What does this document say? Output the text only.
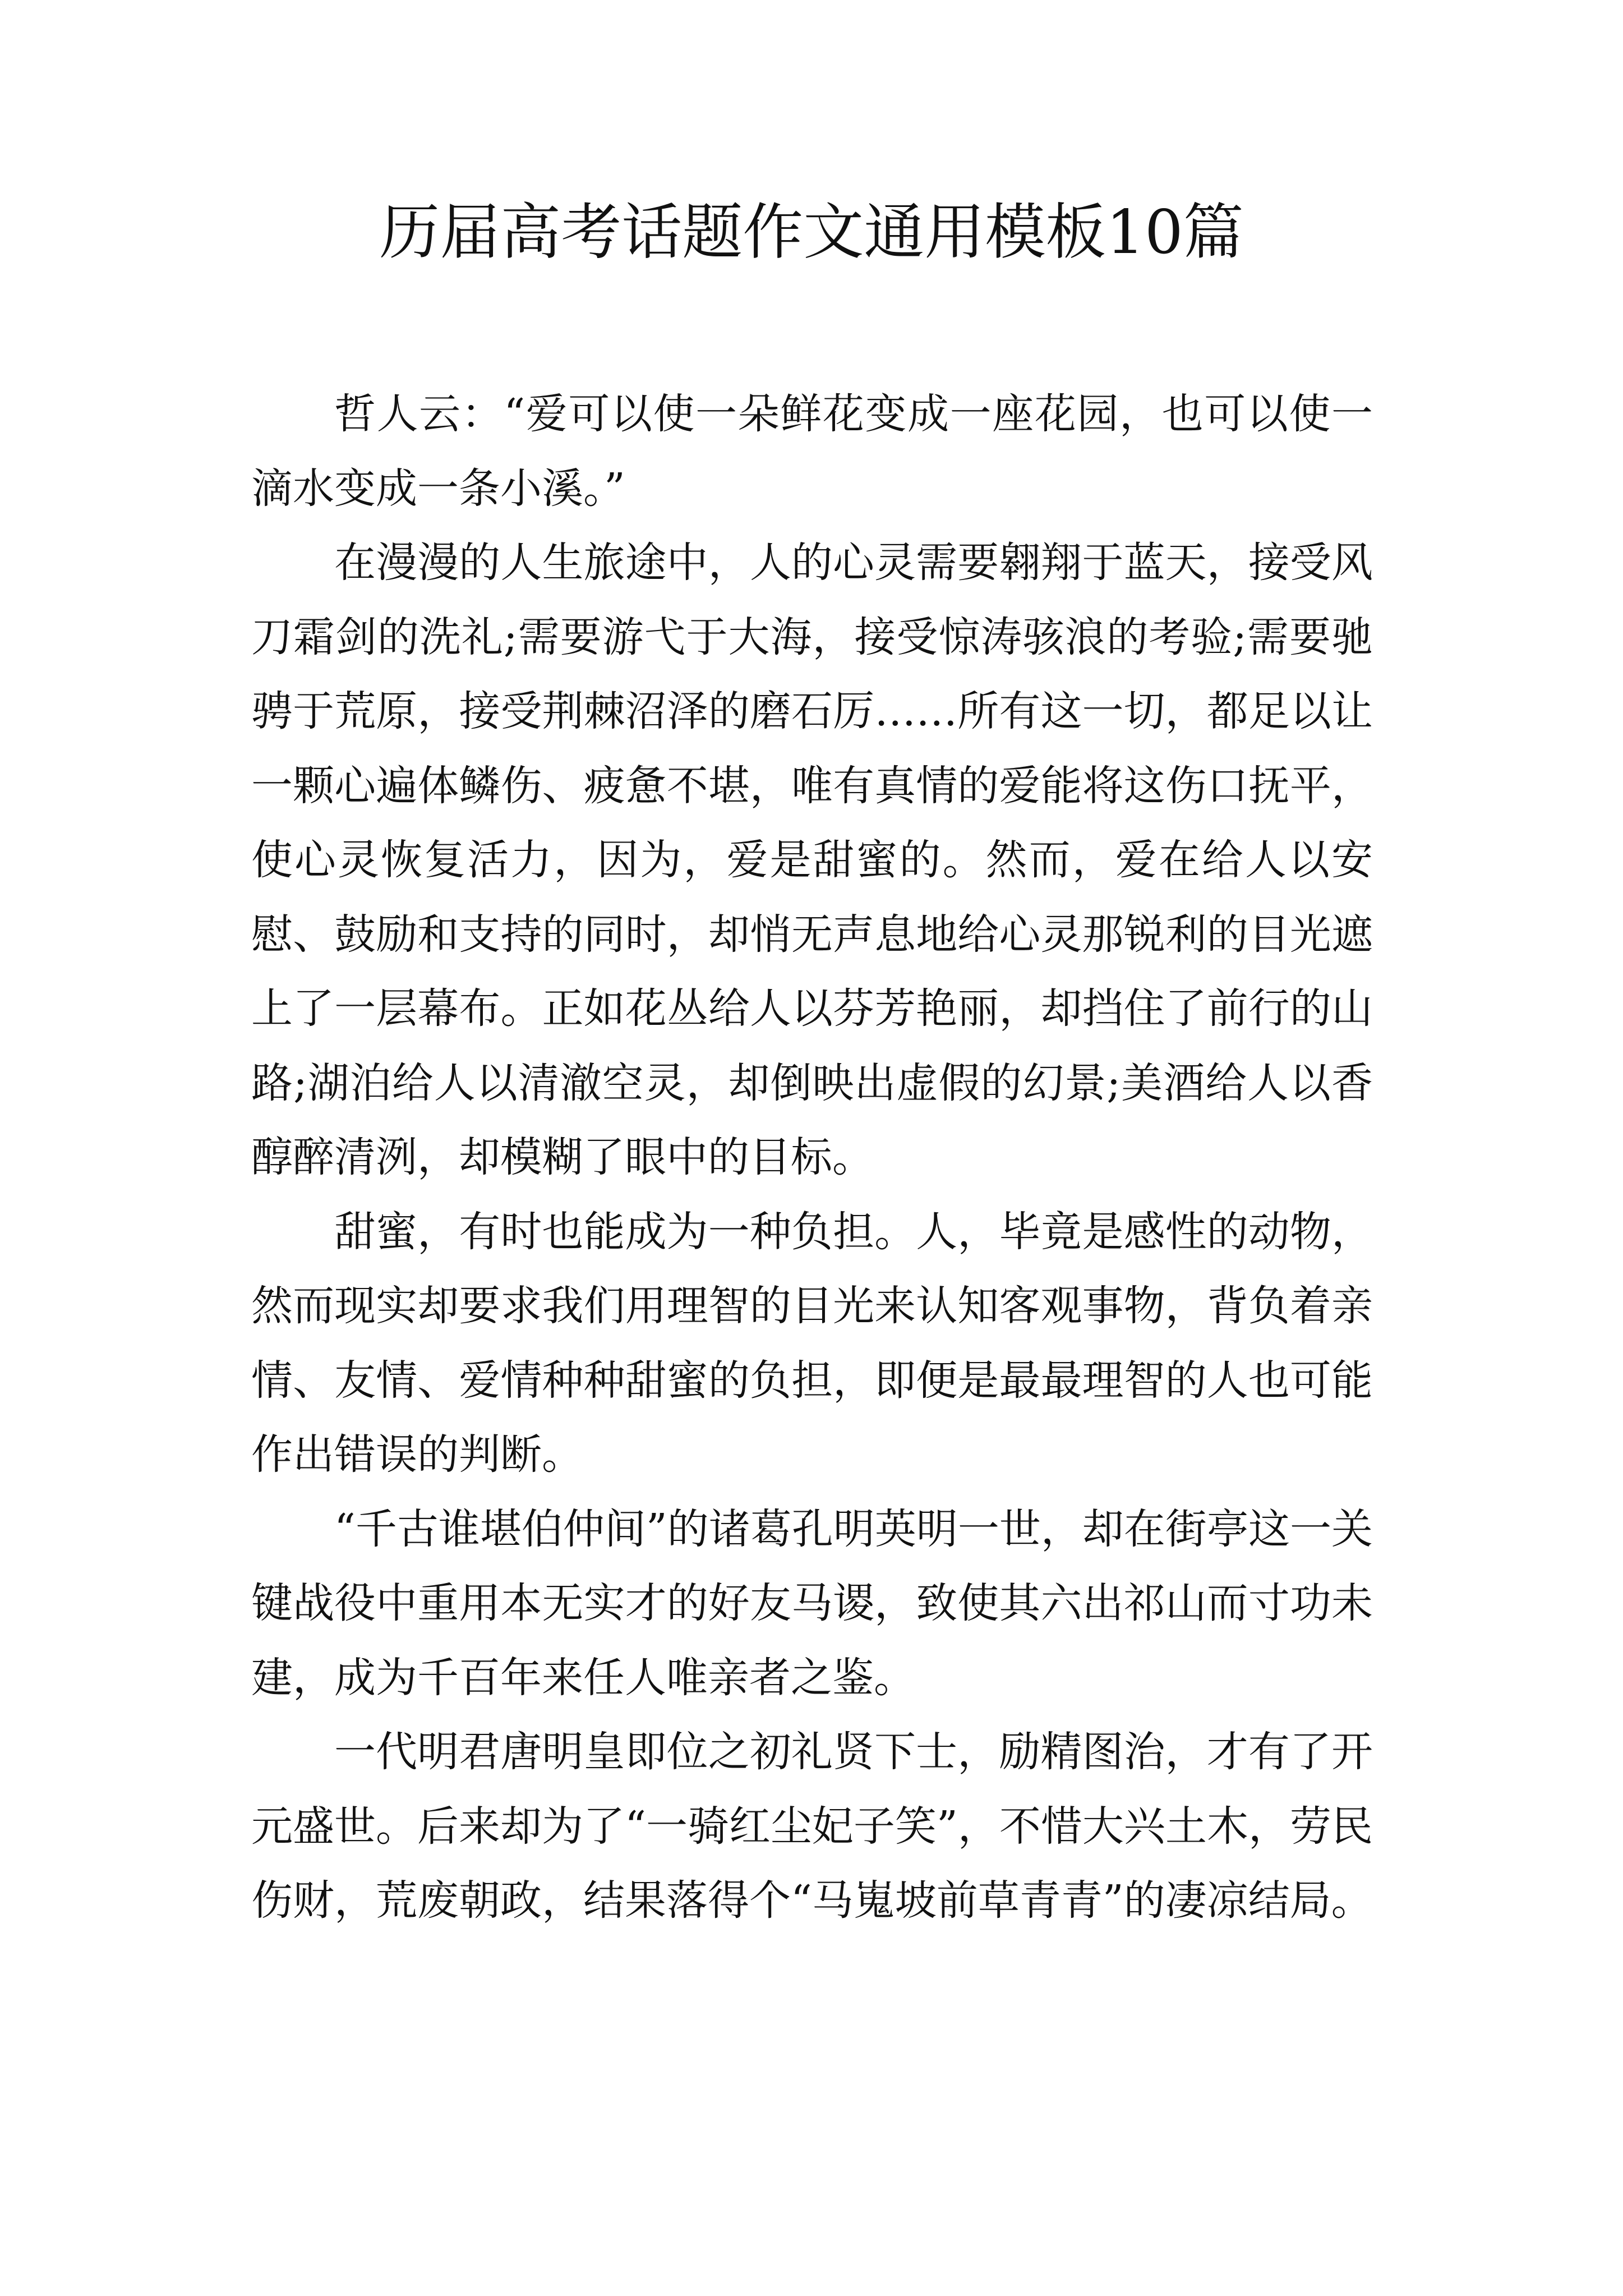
历届高考话题作文通用模板10篇

哲人云：“爱可以使一朵鲜花变成一座花园，也可以使一滴水变成一条小溪。”

在漫漫的人生旅途中，人的心灵需要翱翔于蓝天，接受风刀霜剑的洗礼;需要游弋于大海，接受惊涛骇浪的考验;需要驰骋于荒原，接受荆棘沼泽的磨石厉……所有这一切，都足以让一颗心遍体鳞伤、疲惫不堪，唯有真情的爱能将这伤口抚平，使心灵恢复活力，因为，爱是甜蜜的。然而，爱在给人以安慰、鼓励和支持的同时，却悄无声息地给心灵那锐利的目光遮上了一层幕布。正如花丛给人以芬芳艳丽，却挡住了前行的山路;湖泊给人以清澈空灵，却倒映出虚假的幻景;美酒给人以香醇醉清洌，却模糊了眼中的目标。

甜蜜，有时也能成为一种负担。人，毕竟是感性的动物，然而现实却要求我们用理智的目光来认知客观事物，背负着亲情、友情、爱情种种甜蜜的负担，即便是最最理智的人也可能作出错误的判断。

“千古谁堪伯仲间”的诸葛孔明英明一世，却在街亭这一关键战役中重用本无实才的好友马谡，致使其六出祁山而寸功未建，成为千百年来任人唯亲者之鉴。

一代明君唐明皇即位之初礼贤下士，励精图治，才有了开元盛世。后来却为了“一骑红尘妃子笑”，不惜大兴土木，劳民伤财，荒废朝政，结果落得个“马嵬坡前草青青”的凄凉结局。
